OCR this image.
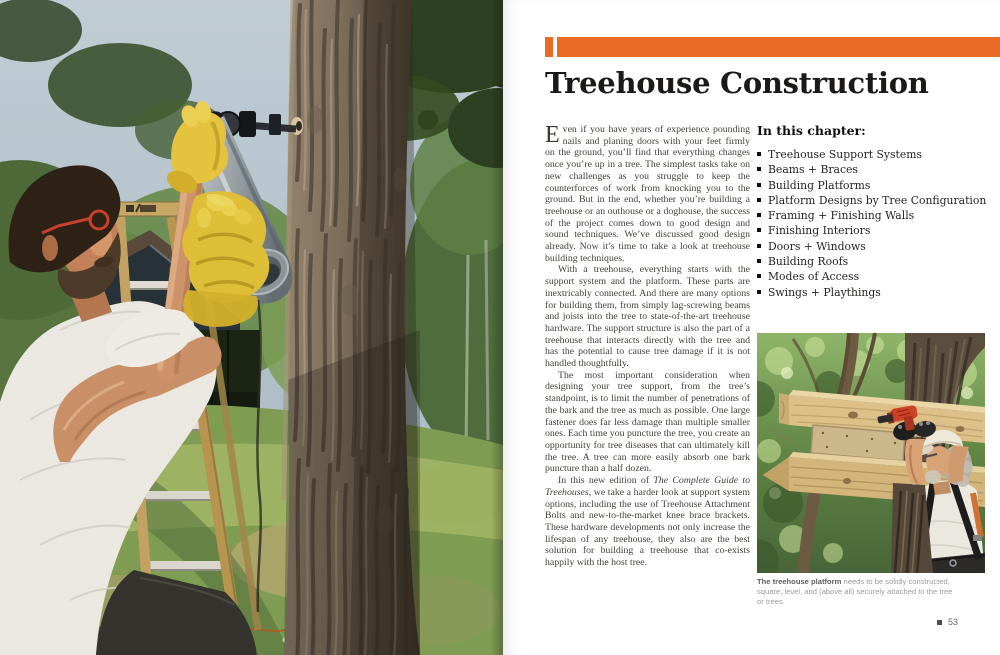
Treehouse Construction

Even if you have years of experience pounding nails and planing doors with your feet firmly on the ground, you’ll find that everything changes once you’re up in a tree. The simplest tasks take on new challenges as you struggle to keep the counterforces of work from knocking you to the ground. But in the end, whether you’re building a treehouse or an outhouse or a doghouse, the success of the project comes down to good design and sound techniques. We’ve discussed good design already. Now it’s time to take a look at treehouse building techniques.

With a treehouse, everything starts with the support system and the platform. These parts are inextricably connected. And there are many options for building them, from simply lag-screwing beams and joists into the tree to state-of-the-art treehouse hardware. The support structure is also the part of a treehouse that interacts directly with the tree and has the potential to cause tree damage if it is not handled thoughtfully.

The most important consideration when designing your tree support, from the tree’s standpoint, is to limit the number of penetrations of the bark and the tree as much as possible. One large fastener does far less damage than multiple smaller ones. Each time you puncture the tree, you create an opportunity for tree diseases that can ultimately kill the tree. A tree can more easily absorb one bark puncture than a half dozen.

In this new edition of The Complete Guide to Treehouses, we take a harder look at support system options, including the use of Treehouse Attachment Bolts and new-to-the-market knee brace brackets. These hardware developments not only increase the lifespan of any treehouse, they also are the best solution for building a treehouse that co-exists happily with the host tree.

In this chapter:
Treehouse Support Systems
Beams + Braces
Building Platforms
Platform Designs by Tree Configuration
Framing + Finishing Walls
Finishing Interiors
Doors + Windows
Building Roofs
Modes of Access
Swings + Playthings
The treehouse platform needs to be solidly constructed, square, level, and (above all) securely attached to the tree or trees.
53
